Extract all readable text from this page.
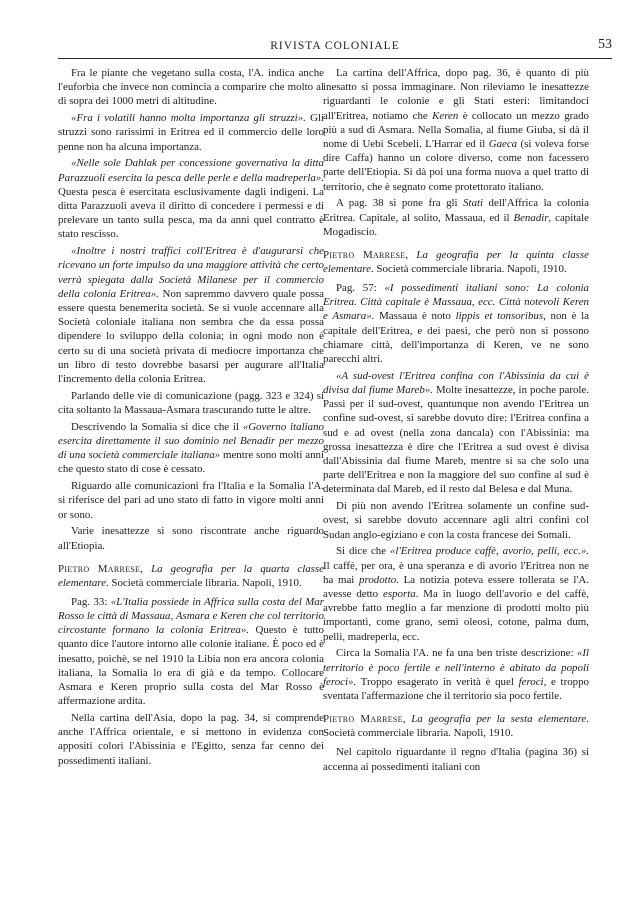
RIVISTA COLONIALE	53

Fra le piante che vegetano sulla costa, l'A. indica anche l'euforbia che invece non comincia a comparire che molto al di sopra dei 1000 metri di altitudine.

«Fra i volatili hanno molta importanza gli struzzi». Gli struzzi sono rarissimi in Eritrea ed il commercio delle loro penne non ha alcuna importanza.

«Nelle sole Dahlak per concessione governativa la ditta Parazzuoli esercita la pesca delle perle e della madreperla». Questa pesca è esercitata esclusivamente dagli indigeni. La ditta Parazzuoli aveva il diritto di concedere i permessi e di prelevare un tanto sulla pesca, ma da anni quel contratto è stato rescisso.

«Inoltre i nostri traffici coll'Eritrea è d'augurarsi che ricevano un forte impulso da una maggiore attività che certo verrà spiegata dalla Società Milanese per il commercio della colonia Eritrea». Non sapremmo davvero quale possa essere questa benemerita società. Se si vuole accennare alla Società coloniale italiana non sembra che da essa possa dipendere lo sviluppo della colonia; in ogni modo non è certo su di una società privata di mediocre importanza che un libro di testo dovrebbe basarsi per augurare all'Italia l'incremento della colonia Eritrea.

Parlando delle vie di comunicazione (pagg. 323 e 324) si cita soltanto la Massaua-Asmara trascurando tutte le altre.

Descrivendo la Somalia si dice che il «Governo italiano esercita direttamente il suo dominio nel Benadir per mezzo di una società commerciale italiana» mentre sono molti anni che questo stato di cose è cessato.

Riguardo alle comunicazioni fra l'Italia e la Somalia l'A. si riferisce del pari ad uno stato di fatto in vigore molti anni or sono.

Varie inesattezze si sono riscontrate anche riguardo all'Etiopia.

Pietro Marrese, La geografia per la quarta classe elementare. Società commerciale libraria. Napoli, 1910.

Pag. 33: «L'Italia possiede in Affrica sulla costa del Mar Rosso le città di Massaua, Asmara e Keren che col territorio circostante formano la colonia Eritrea». Questo è tutto quanto dice l'autore intorno alle colonie italiane. È poco ed è inesatto, poichè, se nel 1910 la Libia non era ancora colonia italiana, la Somalia lo era di già e da tempo. Collocare Asmara e Keren proprio sulla costa del Mar Rosso è affermazione ardita.

Nella cartina dell'Asia, dopo la pag. 34, si comprende anche l'Affrica orientale, e si mettono in evidenza con appositi colori l'Abissinia e l'Egitto, senza far cenno dei possedimenti italiani.

La cartina dell'Affrica, dopo pag. 36, è quanto di più inesatto si possa immaginare. Non rileviamo le inesattezze riguardanti le colonie e gli Stati esteri: limitandoci all'Eritrea, notiamo che Keren è collocato un mezzo grado più a sud di Asmara. Nella Somalia, al fiume Giuba, si dà il nome di Uebi Scebeli. L'Harrar ed il Gaeca (si voleva forse dire Caffa) hanno un colore diverso, come non facessero parte dell'Etiopia. Si dà poi una forma nuova a quel tratto di territorio, che è segnato come protettorato italiano.

A pag. 38 si pone fra gli Stati dell'Affrica la colonia Eritrea. Capitale, al solito, Massaua, ed il Benadir, capitale Mogadiscio.

Pietro Marrese, La geografia per la quinta classe elementare. Società commerciale libraria. Napoli, 1910.

Pag. 57: «I possedimenti italiani sono: La colonia Eritrea. Città capitale è Massaua, ecc. Città notevoli Keren e Asmara». Massaua è noto lippis et tonsoribus, non è la capitale dell'Eritrea, e dei paesi, che però non si possono chiamare città, dell'importanza di Keren, ve ne sono parecchi altri.

«A sud-ovest l'Eritrea confina con l'Abissinia da cui è divisa dal fiume Mareb». Molte inesattezze, in poche parole. Passi per il sud-ovest, quantunque non avendo l'Eritrea un confine sud-ovest, si sarebbe dovuto dire: l'Eritrea confina a sud e ad ovest (nella zona dancala) con l'Abissinia: ma grossa inesattezza è dire che l'Eritrea a sud ovest è divisa dall'Abissinia dal fiume Mareb, mentre si sa che solo una parte dell'Eritrea e non la maggiore del suo confine al sud è determinata dal Mareb, ed il resto dal Belesa e dal Muna.

Di più non avendo l'Eritrea solamente un confine sud-ovest, si sarebbe dovuto accennare agli altri confini col Sudan anglo-egiziano e con la costa francese dei Somali.

Si dice che «l'Eritrea produce caffè, avorio, pelli, ecc.». Il caffè, per ora, è una speranza e di avorio l'Eritrea non ne ha mai prodotto. La notizia poteva essere tollerata se l'A. avesse detto esporta. Ma in luogo dell'avorio e del caffè, avrebbe fatto meglio a far menzione di prodotti molto più importanti, come grano, semi oleosi, cotone, palma dum, pelli, madreperla, ecc.

Circa la Somalia l'A. ne fa una ben triste descrizione: «Il territorio è poco fertile e nell'interno è abitato da popoli feroci». Troppo esagerato in verità è quel feroci, e troppo sventata l'affermazione che il territorio sia poco fertile.

Pietro Marrese, La geografia per la sesta elementare. Società commerciale libraria. Napoli, 1910.

Nel capitolo riguardante il regno d'Italia (pagina 36) si accenna ai possedimenti italiani con
